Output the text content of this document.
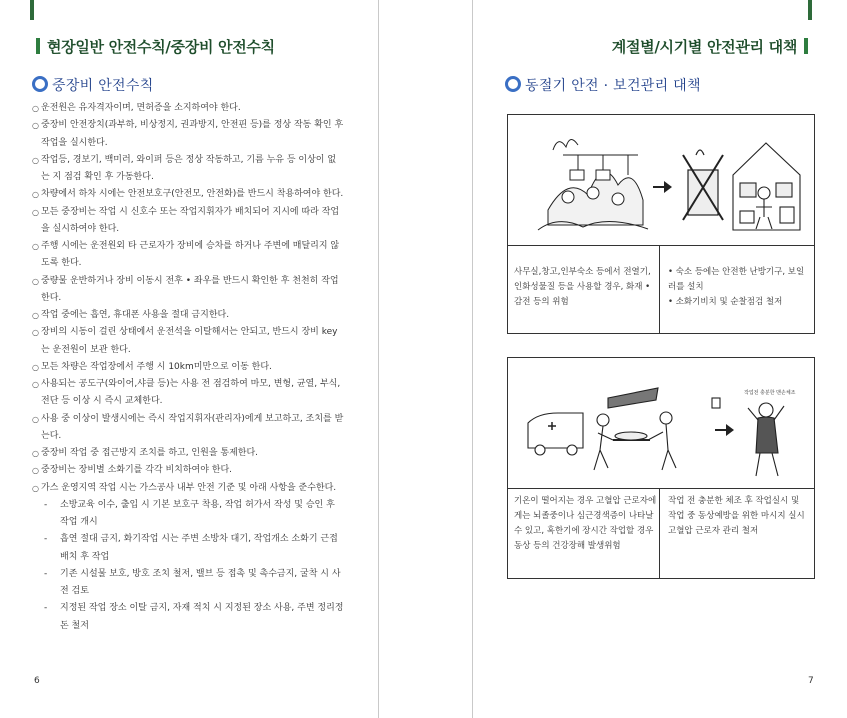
현장일반 안전수칙/중장비 안전수칙
중장비 안전수칙
○ 운전원은 유자격자이며, 면허증을 소지하여야 한다.
○ 중장비 안전장치(과부하, 비상정지, 권과방지, 안전핀 등)를 정상 작동 확인 후 작업을 실시한다.
○ 작업등, 경보기, 백미러, 와이퍼 등은 정상 작동하고, 기름 누유 등 이상이 없는 지 점검 확인 후 가동한다.
○ 차량에서 하차 시에는 안전보호구(안전모, 안전화)를 반드시 착용하여야 한다.
○ 모든 중장비는 작업 시 신호수 또는 작업지휘자가 배치되어 지시에 따라 작업을 실시하여야 한다.
○ 주행 시에는 운전원외 타 근로자가 장비에 승차를 하거나 주변에 매달리지 않도록 한다.
○ 중량물 운반하거나 장비 이동시 전후 • 좌우를 반드시 확인한 후 천천히 작업한다.
○ 작업 중에는 흡연, 휴대폰 사용을 절대 금지한다.
○ 장비의 시동이 걸린 상태에서 운전석을 이탈해서는 안되고, 반드시 장비 key는 운전원이 보관 한다.
○ 모든 차량은 작업장에서 주행 시 10km미만으로 이동 한다.
○ 사용되는 공도구(와이어,샤클 등)는 사용 전 점검하여 마모, 변형, 균열, 부식, 전단 등 이상 시 즉시 교체한다.
○ 사용 중 이상이 발생시에는 즉시 작업지휘자(관리자)에게 보고하고, 조치를 받는다.
○ 중장비 작업 중 접근방지 조치를 하고, 인원을 통제한다.
○ 중장비는 장비별 소화기를 각각 비치하여야 한다.
○ 가스 운영지역 작업 시는 가스공사 내부 안전 기준 및 아래 사항을 준수한다.
- 소방교육 이수, 출입 시 기본 보호구 착용, 작업 허가서 작성 및 승인 후 작업 개시
- 흡연 절대 금지, 화기작업 시는 주변 소방차 대기, 작업개소 소화기 근접 배치 후 작업
- 기존 시설물 보호, 방호 조치 철저, 밸브 등 접촉 및 촉수금지, 굴착 시 사전 검토
- 지정된 작업 장소 이탈 금지, 자재 적치 시 지정된 장소 사용, 주변 정리정돈 철저
6
계절별/시기별 안전관리 대책
동절기 안전 · 보건관리 대책
사무실,창고,인부숙소 등에서 전열기, 인화성물질 등을 사용할 경우, 화재 • 감전 등의 위험
• 숙소 등에는 안전한 난방기구, 보일러를 설치
• 소화기비치 및 순찰점검 철저
작업전 충분한 맨손체조
기온이 떨어지는 경우 고혈압 근로자에게는 뇌졸중이나 심근경색증이 나타날 수 있고, 혹한기에 장시간 작업할 경우 동상 등의 건강장해 발생위험
작업 전 충분한 체조 후 작업실시 및 작업 중 동상예방을 위한 마시지 실시
고혈압 근로자 관리 철저
7
